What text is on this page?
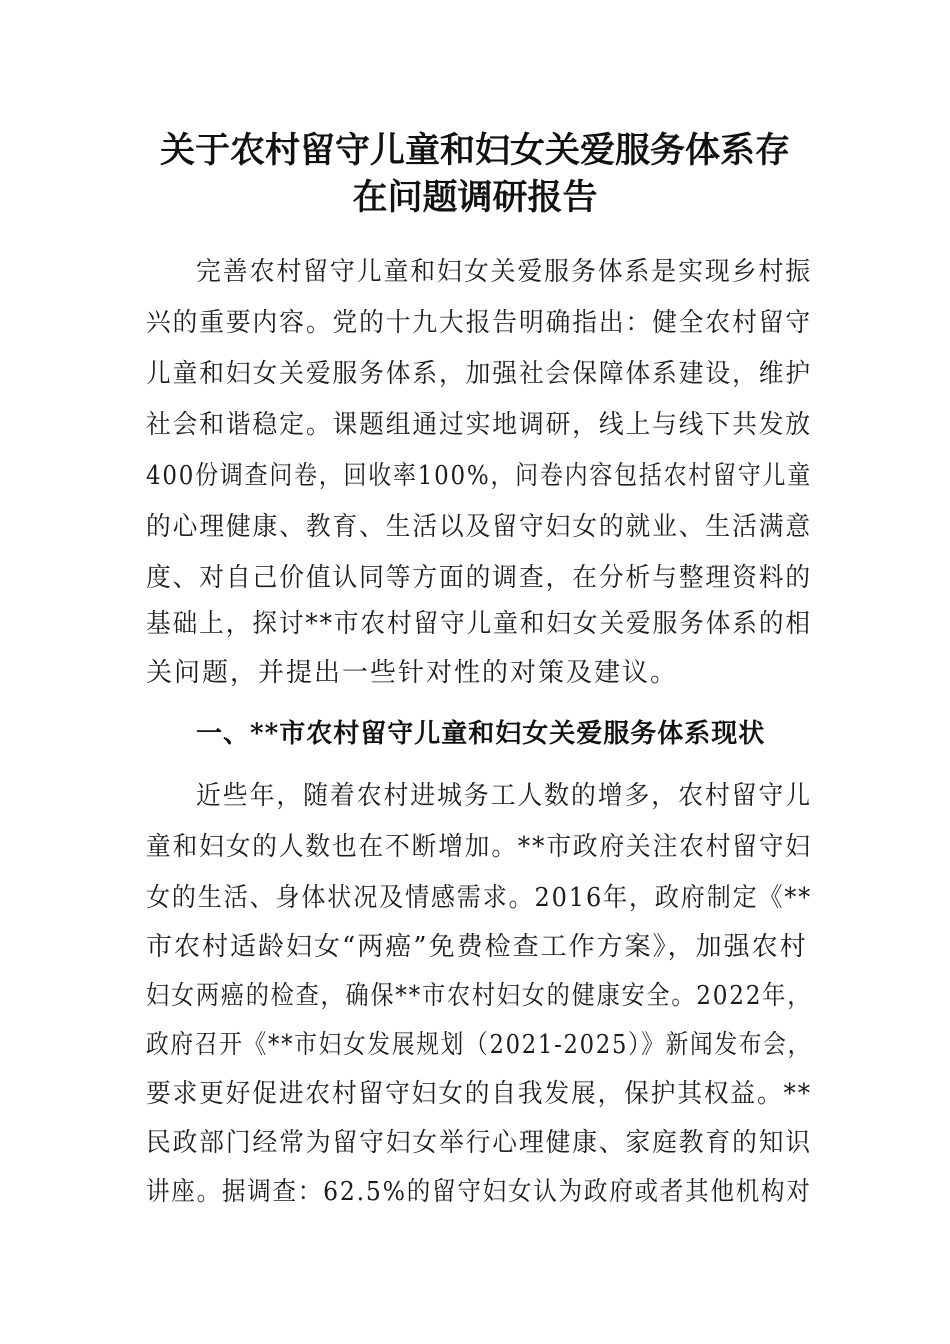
关于农村留守儿童和妇女关爱服务体系存
在问题调研报告
完善农村留守儿童和妇女关爱服务体系是实现乡村振
兴的重要内容。党的十九大报告明确指出：健全农村留守
儿童和妇女关爱服务体系，加强社会保障体系建设，维护
社会和谐稳定。课题组通过实地调研，线上与线下共发放
400份调查问卷，回收率100%，问卷内容包括农村留守儿童
的心理健康、教育、生活以及留守妇女的就业、生活满意
度、对自己价值认同等方面的调查，在分析与整理资料的
基础上，探讨**市农村留守儿童和妇女关爱服务体系的相
关问题，并提出一些针对性的对策及建议。
一、**市农村留守儿童和妇女关爱服务体系现状
近些年，随着农村进城务工人数的增多，农村留守儿
童和妇女的人数也在不断增加。**市政府关注农村留守妇
女的生活、身体状况及情感需求。2016年，政府制定《**
市农村适龄妇女“两癌”免费检查工作方案》，加强农村
妇女两癌的检查，确保**市农村妇女的健康安全。2022年，
政府召开《**市妇女发展规划（2021-2025）》新闻发布会，
要求更好促进农村留守妇女的自我发展，保护其权益。**
民政部门经常为留守妇女举行心理健康、家庭教育的知识
讲座。据调查：62.5%的留守妇女认为政府或者其他机构对
